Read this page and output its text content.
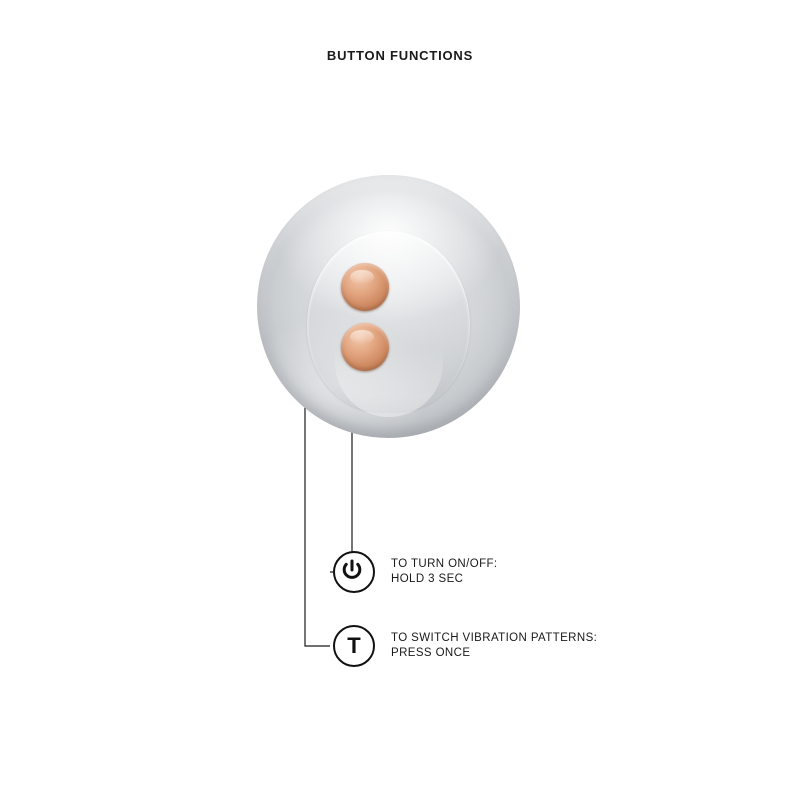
BUTTON FUNCTIONS
TO TURN ON/OFF:
HOLD 3 SEC
T	TO SWITCH VIBRATION PATTERNS:
PRESS ONCE
